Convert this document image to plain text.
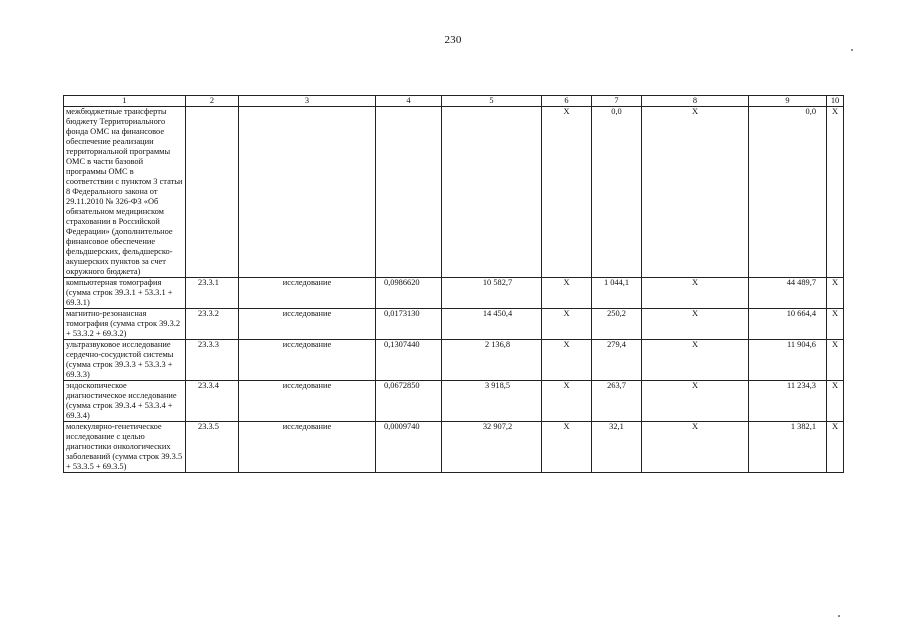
230
1	2	3	4	5	6	7	8	9	10
межбюджетные трансферты бюджету Территориального фонда ОМС на финансовое обеспечение реализации территориальной программы ОМС в части базовой программы ОМС в соответствии с пунктом 3 статьи 8 Федерального закона от 29.11.2010 № 326-ФЗ «Об обязательном медицинском страховании в Российской Федерации» (дополнительное финансовое обеспечение фельдшерских, фельдшерско-акушерских пунктов за счет окружного бюджета)					Х	0,0	Х	0,0	Х
компьютерная томография (сумма строк 39.3.1 + 53.3.1 + 69.3.1)	23.3.1	исследование	0,0986620	10 582,7	Х	1 044,1	Х	44 489,7	Х
магнитно-резонансная томография (сумма строк 39.3.2 + 53.3.2 + 69.3.2)	23.3.2	исследование	0,0173130	14 450,4	Х	250,2	Х	10 664,4	Х
ультразвуковое исследование сердечно-сосудистой системы (сумма строк 39.3.3 + 53.3.3 + 69.3.3)	23.3.3	исследование	0,1307440	2 136,8	Х	279,4	Х	11 904,6	Х
эндоскопическое диагностическое исследование (сумма строк 39.3.4 + 53.3.4 + 69.3.4)	23.3.4	исследование	0,0672850	3 918,5	Х	263,7	Х	11 234,3	Х
молекулярно-генетическое исследование с целью диагностики онкологических заболеваний (сумма строк 39.3.5 + 53.3.5 + 69.3.5)	23.3.5	исследование	0,0009740	32 907,2	Х	32,1	Х	1 382,1	Х
